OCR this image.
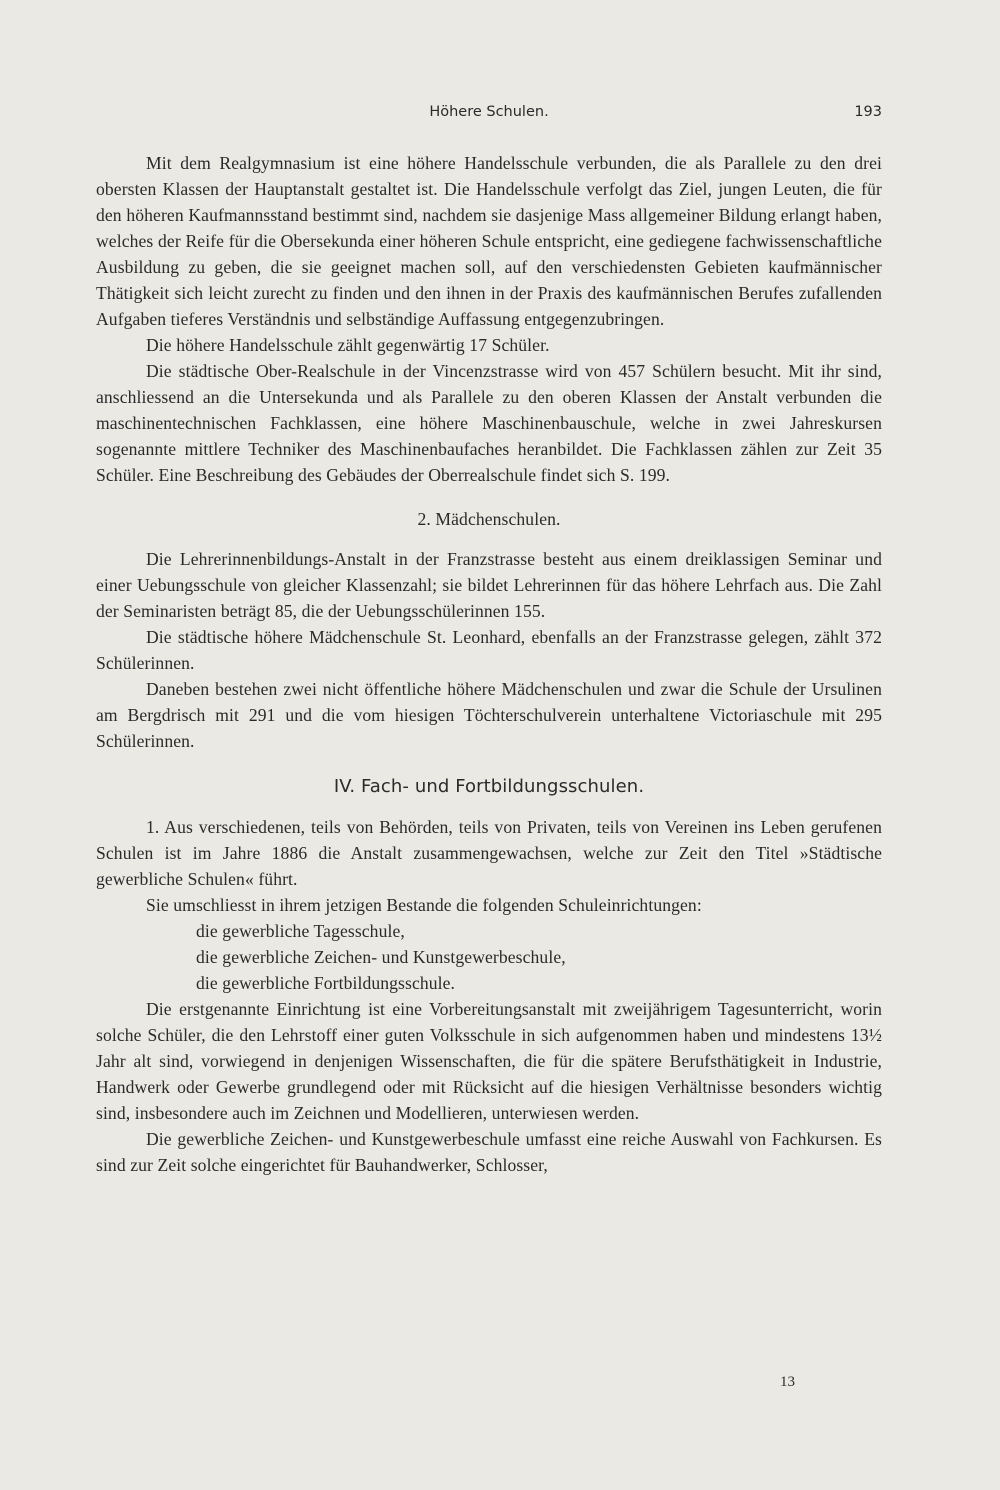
Höhere Schulen.	193

Mit dem Realgymnasium ist eine höhere Handelsschule verbunden, die als Parallele zu den drei obersten Klassen der Hauptanstalt gestaltet ist. Die Handelsschule verfolgt das Ziel, jungen Leuten, die für den höheren Kaufmannsstand bestimmt sind, nachdem sie dasjenige Mass allgemeiner Bildung erlangt haben, welches der Reife für die Obersekunda einer höheren Schule entspricht, eine gediegene fachwissenschaftliche Ausbildung zu geben, die sie geeignet machen soll, auf den verschiedensten Gebieten kaufmännischer Thätigkeit sich leicht zurecht zu finden und den ihnen in der Praxis des kaufmännischen Berufes zufallenden Aufgaben tieferes Verständnis und selbständige Auffassung entgegenzubringen.

Die höhere Handelsschule zählt gegenwärtig 17 Schüler.

Die städtische Ober-Realschule in der Vincenzstrasse wird von 457 Schülern besucht. Mit ihr sind, anschliessend an die Untersekunda und als Parallele zu den oberen Klassen der Anstalt verbunden die maschinentechnischen Fachklassen, eine höhere Maschinenbauschule, welche in zwei Jahreskursen sogenannte mittlere Techniker des Maschinenbaufaches heranbildet. Die Fachklassen zählen zur Zeit 35 Schüler. Eine Beschreibung des Gebäudes der Oberrealschule findet sich S. 199.

2. Mädchenschulen.

Die Lehrerinnenbildungs-Anstalt in der Franzstrasse besteht aus einem dreiklassigen Seminar und einer Uebungsschule von gleicher Klassenzahl; sie bildet Lehrerinnen für das höhere Lehrfach aus. Die Zahl der Seminaristen beträgt 85, die der Uebungsschülerinnen 155.

Die städtische höhere Mädchenschule St. Leonhard, ebenfalls an der Franzstrasse gelegen, zählt 372 Schülerinnen.

Daneben bestehen zwei nicht öffentliche höhere Mädchenschulen und zwar die Schule der Ursulinen am Bergdrisch mit 291 und die vom hiesigen Töchterschulverein unterhaltene Victoriaschule mit 295 Schülerinnen.

IV. Fach- und Fortbildungsschulen.

1. Aus verschiedenen, teils von Behörden, teils von Privaten, teils von Vereinen ins Leben gerufenen Schulen ist im Jahre 1886 die Anstalt zusammengewachsen, welche zur Zeit den Titel »Städtische gewerbliche Schulen« führt.

Sie umschliesst in ihrem jetzigen Bestande die folgenden Schuleinrichtungen:

die gewerbliche Tagesschule,

die gewerbliche Zeichen- und Kunstgewerbeschule,

die gewerbliche Fortbildungsschule.

Die erstgenannte Einrichtung ist eine Vorbereitungsanstalt mit zweijährigem Tagesunterricht, worin solche Schüler, die den Lehrstoff einer guten Volksschule in sich aufgenommen haben und mindestens 13½ Jahr alt sind, vorwiegend in denjenigen Wissenschaften, die für die spätere Berufsthätigkeit in Industrie, Handwerk oder Gewerbe grundlegend oder mit Rücksicht auf die hiesigen Verhältnisse besonders wichtig sind, insbesondere auch im Zeichnen und Modellieren, unterwiesen werden.

Die gewerbliche Zeichen- und Kunstgewerbeschule umfasst eine reiche Auswahl von Fachkursen. Es sind zur Zeit solche eingerichtet für Bauhandwerker, Schlosser,

13
